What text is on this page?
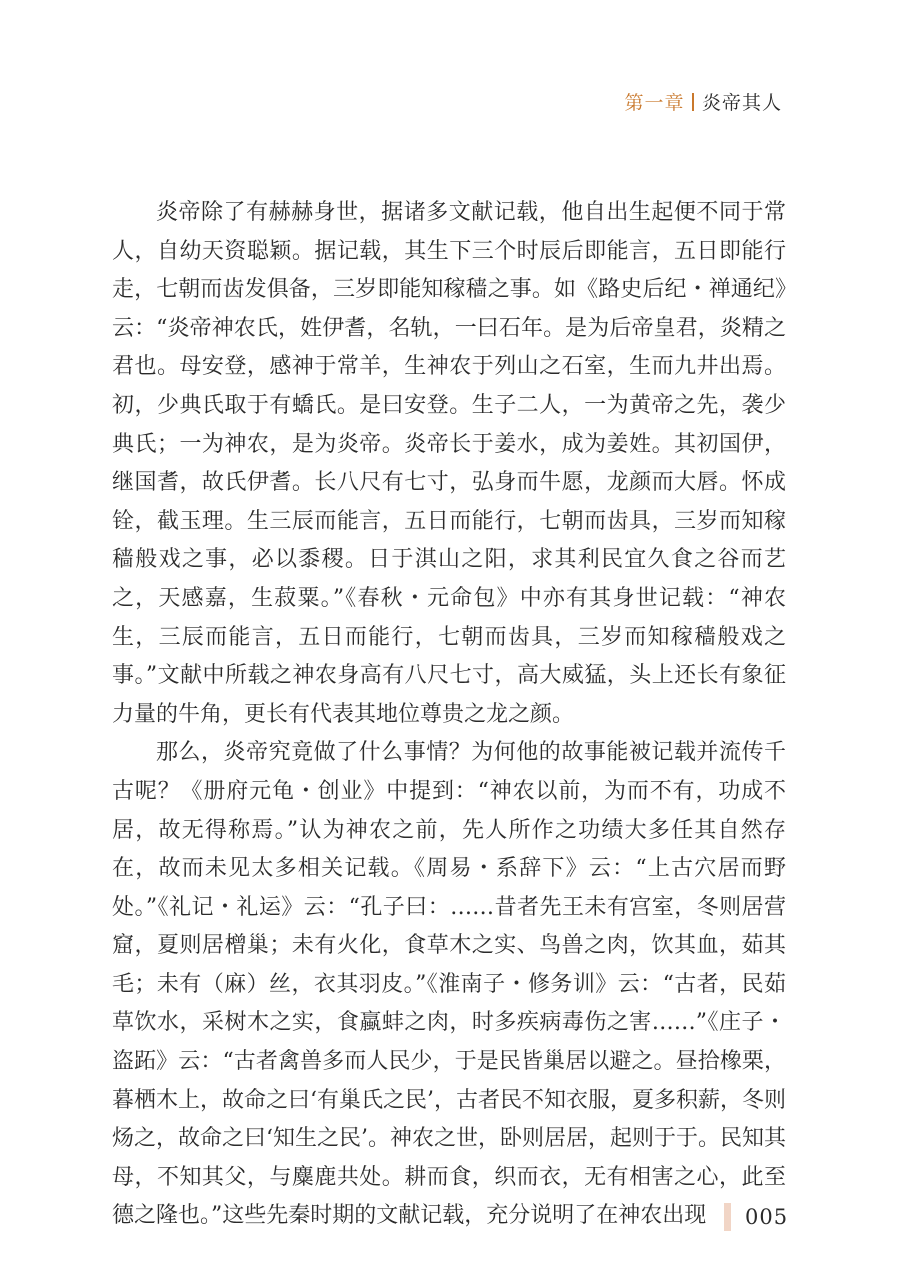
第一章 炎帝其人

炎帝除了有赫赫身世，据诸多文献记载，他自出生起便不同于常人，自幼天资聪颖。据记载，其生下三个时辰后即能言，五日即能行走，七朝而齿发俱备，三岁即能知稼穑之事。如《路史后纪・禅通纪》云：“炎帝神农氏，姓伊耆，名轨，一曰石年。是为后帝皇君，炎精之君也。母安登，感神于常羊，生神农于列山之石室，生而九井出焉。初，少典氏取于有蟜氏。是曰安登。生子二人，一为黄帝之先，袭少典氏；一为神农，是为炎帝。炎帝长于姜水，成为姜姓。其初国伊，继国耆，故氏伊耆。长八尺有七寸，弘身而牛愿，龙颜而大唇。怀成铨，截玉理。生三辰而能言，五日而能行，七朝而齿具，三岁而知稼穑般戏之事，必以黍稷。日于淇山之阳，求其利民宜久食之谷而艺之，天感嘉，生菽粟。”《春秋・元命包》中亦有其身世记载：“神农生，三辰而能言，五日而能行，七朝而齿具，三岁而知稼穑般戏之事。”文献中所载之神农身高有八尺七寸，高大威猛，头上还长有象征力量的牛角，更长有代表其地位尊贵之龙之颜。

那么，炎帝究竟做了什么事情？为何他的故事能被记载并流传千古呢？《册府元龟・创业》中提到：“神农以前，为而不有，功成不居，故无得称焉。”认为神农之前，先人所作之功绩大多任其自然存在，故而未见太多相关记载。《周易・系辞下》云：“上古穴居而野处。”《礼记・礼运》云：“孔子曰：……昔者先王未有宫室，冬则居营窟，夏则居橧巢；未有火化，食草木之实、鸟兽之肉，饮其血，茹其毛；未有（麻）丝，衣其羽皮。”《淮南子・修务训》云：“古者，民茹草饮水，采树木之实，食蠃蚌之肉，时多疾病毒伤之害……”《庄子・盗跖》云：“古者禽兽多而人民少，于是民皆巢居以避之。昼拾橡栗，暮栖木上，故命之曰‘有巢氏之民’，古者民不知衣服，夏多积薪，冬则炀之，故命之曰‘知生之民’。神农之世，卧则居居，起则于于。民知其母，不知其父，与麋鹿共处。耕而食，织而衣，无有相害之心，此至德之隆也。”这些先秦时期的文献记载，充分说明了在神农出现	005
